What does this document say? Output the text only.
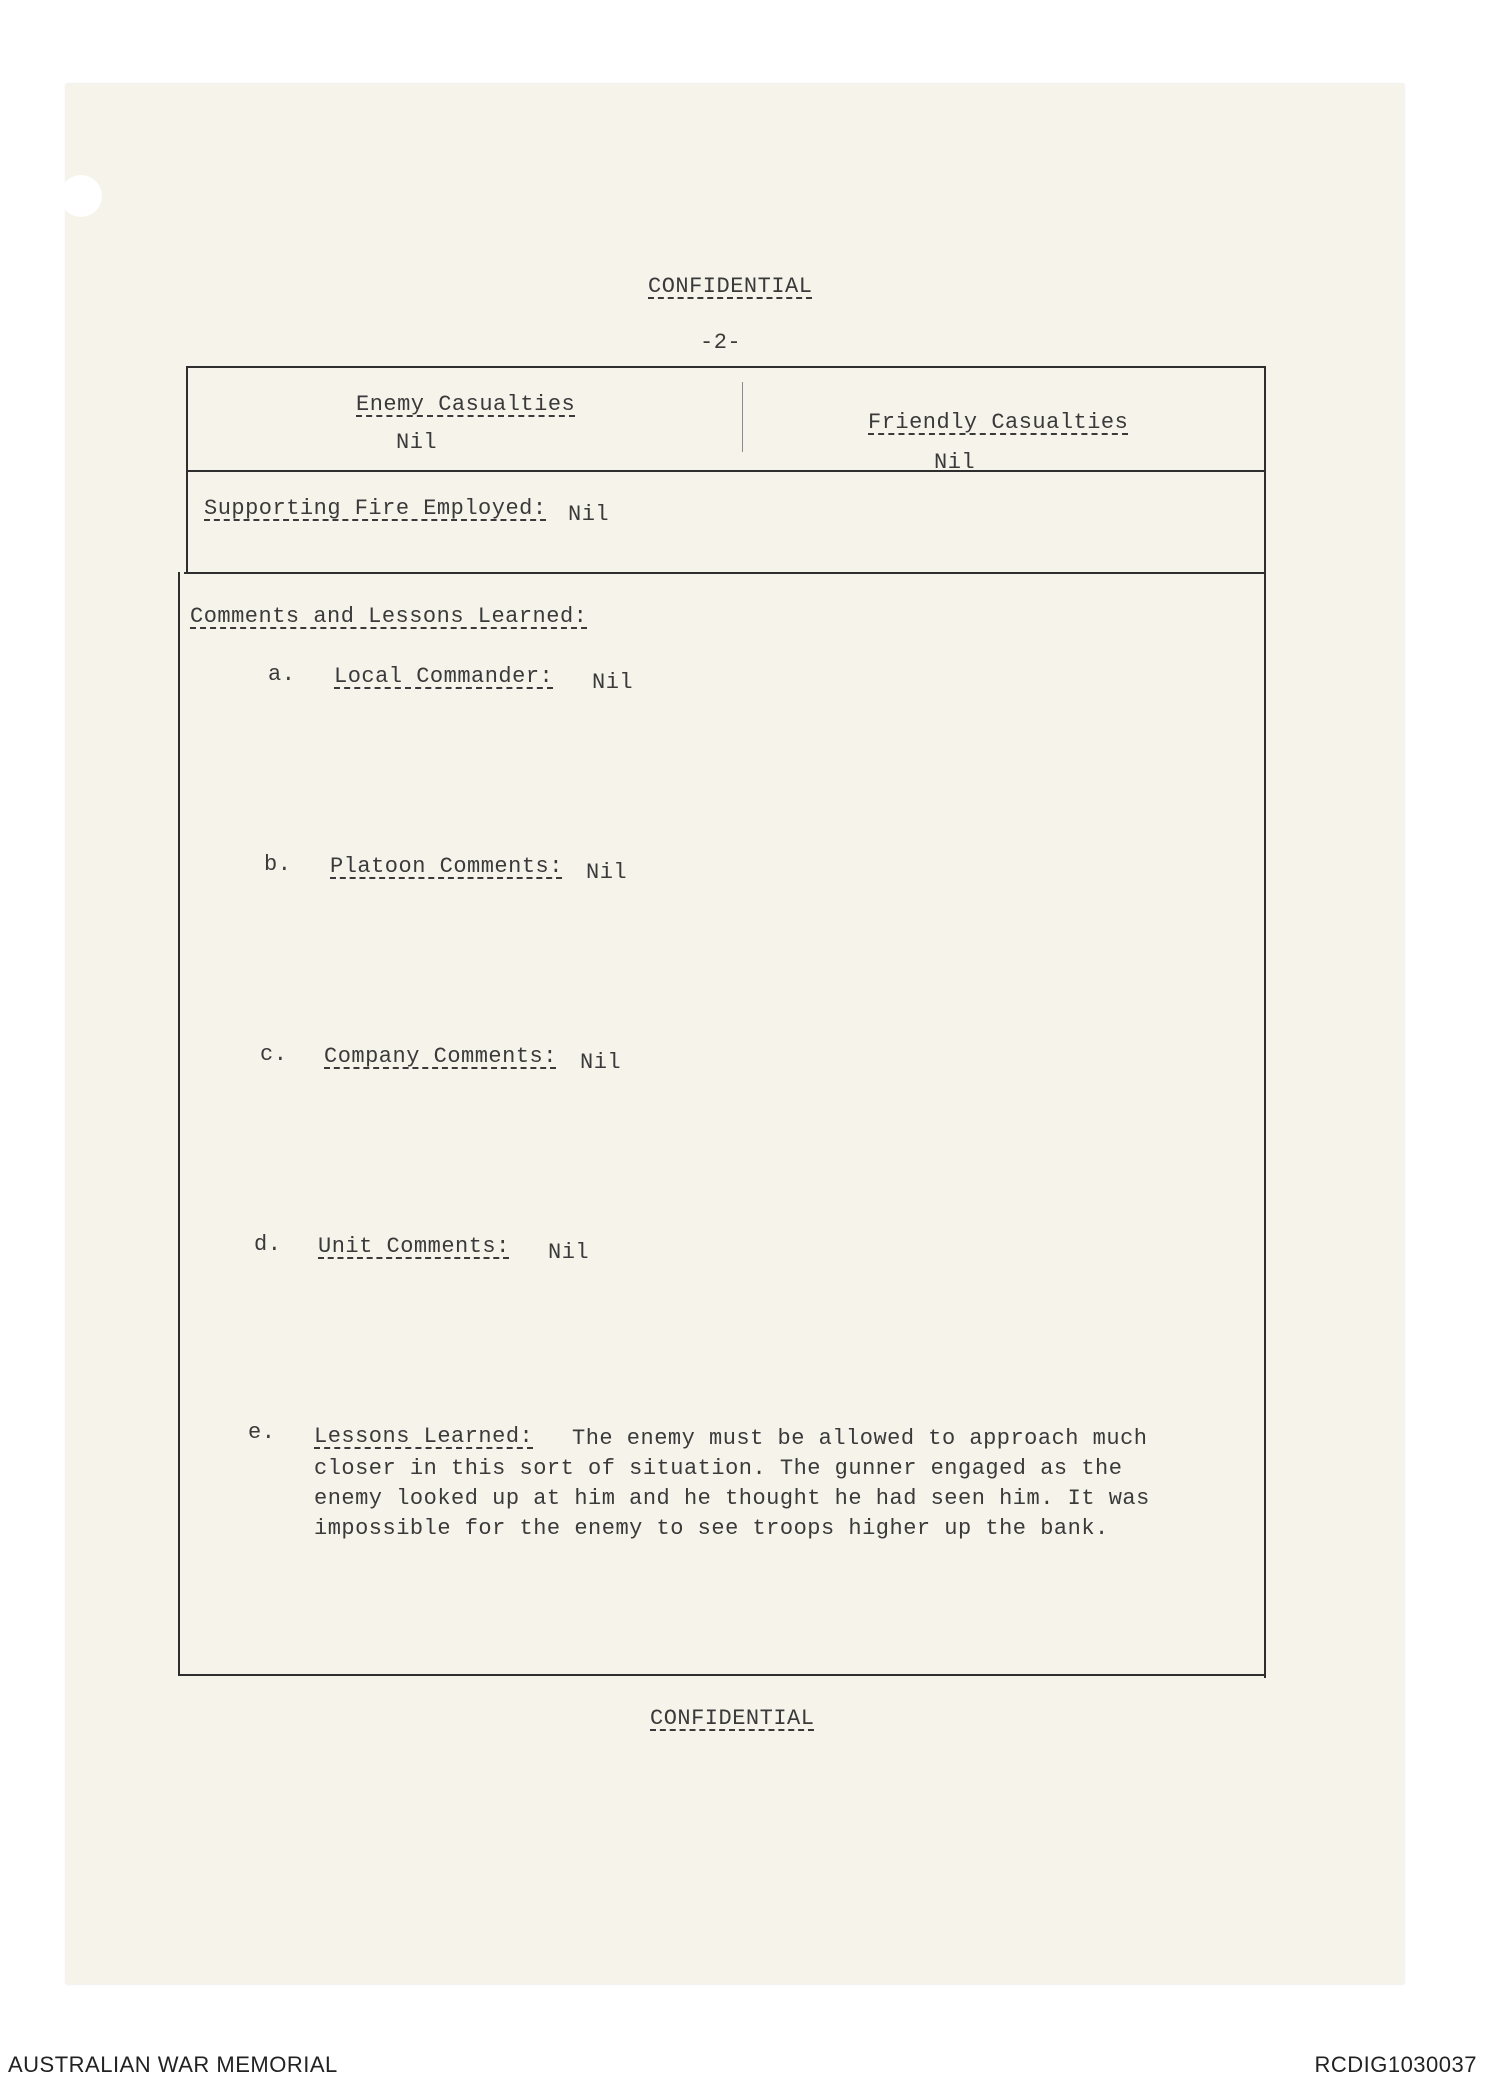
CONFIDENTIAL
-2-
Enemy Casualties
Nil
Friendly Casualties
Nil
Supporting Fire Employed: Nil
Comments and Lessons Learned:
a. Local Commander: Nil
b. Platoon Comments: Nil
c. Company Comments: Nil
d. Unit Comments: Nil
e. Lessons Learned:	The enemy must be allowed to approach much closer in this sort of situation. The gunner engaged as the enemy looked up at him and he thought he had seen him. It was impossible for the enemy to see troops higher up the bank.
CONFIDENTIAL
AUSTRALIAN WAR MEMORIAL	RCDIG1030037
